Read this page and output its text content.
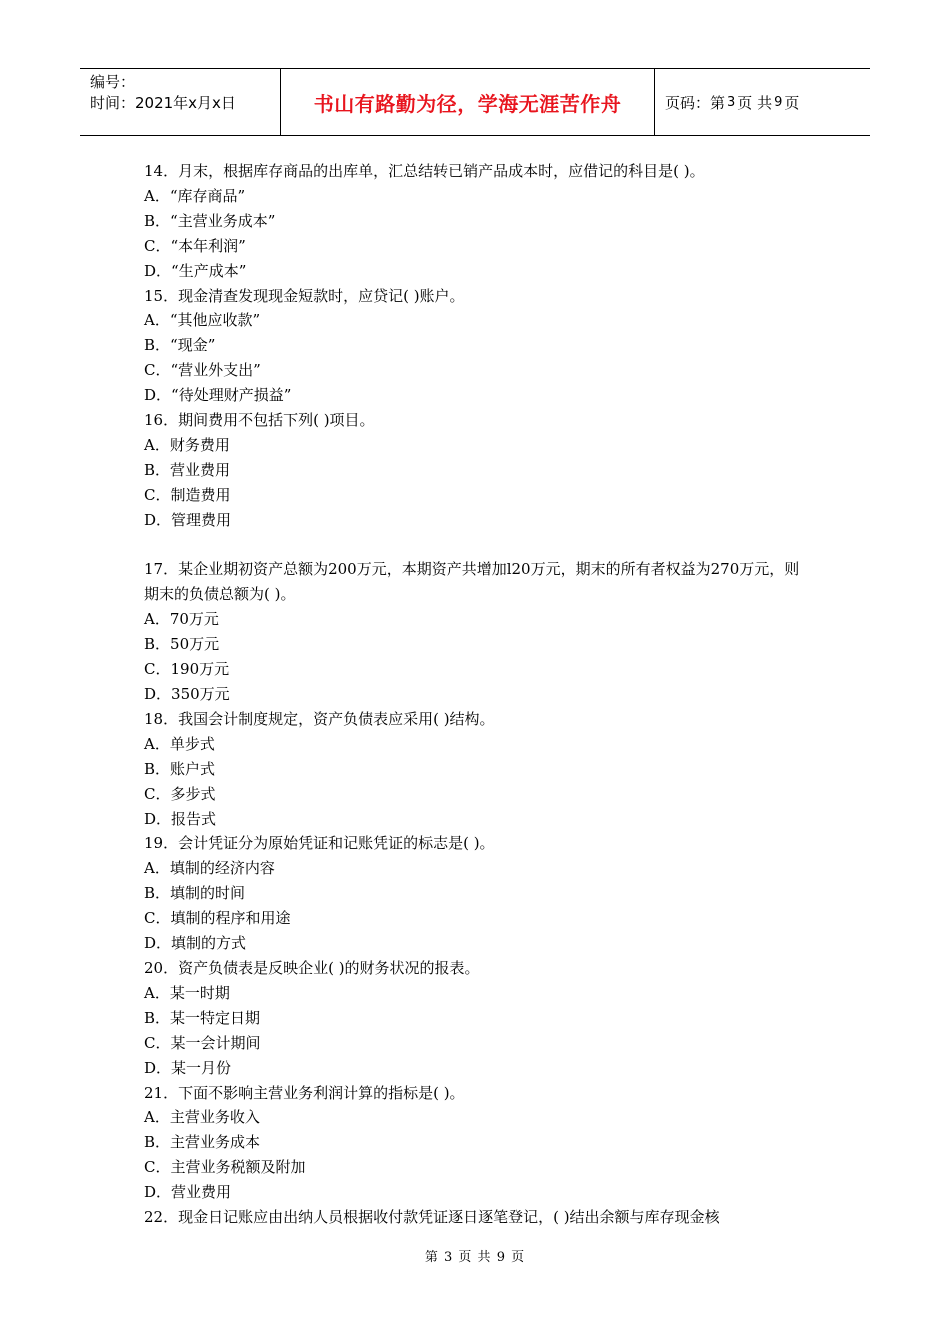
编号：
时间：2021年x月x日	书山有路勤为径，学海无涯苦作舟	页码：第 3 页 共 9 页
14．月末，根据库存商品的出库单，汇总结转已销产品成本时，应借记的科目是( )。
A．“库存商品”
B．“主营业务成本”
C．“本年利润”
D．“生产成本”
15．现金清查发现现金短款时，应贷记( )账户。
A．“其他应收款”
B．“现金”
C．“营业外支出”
D．“待处理财产损益”
16．期间费用不包括下列( )项目。
A．财务费用
B．营业费用
C．制造费用
D．管理费用
17．某企业期初资产总额为200万元，本期资产共增加l20万元，期末的所有者权益为270万元，则期末的负债总额为( )。
A．70万元
B．50万元
C．190万元
D．350万元
18．我国会计制度规定，资产负债表应采用( )结构。
A．单步式
B．账户式
C．多步式
D．报告式
19．会计凭证分为原始凭证和记账凭证的标志是( )。
A．填制的经济内容
B．填制的时间
C．填制的程序和用途
D．填制的方式
20．资产负债表是反映企业( )的财务状况的报表。
A．某一时期
B．某一特定日期
C．某一会计期间
D．某一月份
21．下面不影响主营业务利润计算的指标是( )。
A．主营业务收入
B．主营业务成本
C．主营业务税额及附加
D．营业费用
22．现金日记账应由出纳人员根据收付款凭证逐日逐笔登记，( )结出余额与库存现金核
第 3 页 共 9 页
